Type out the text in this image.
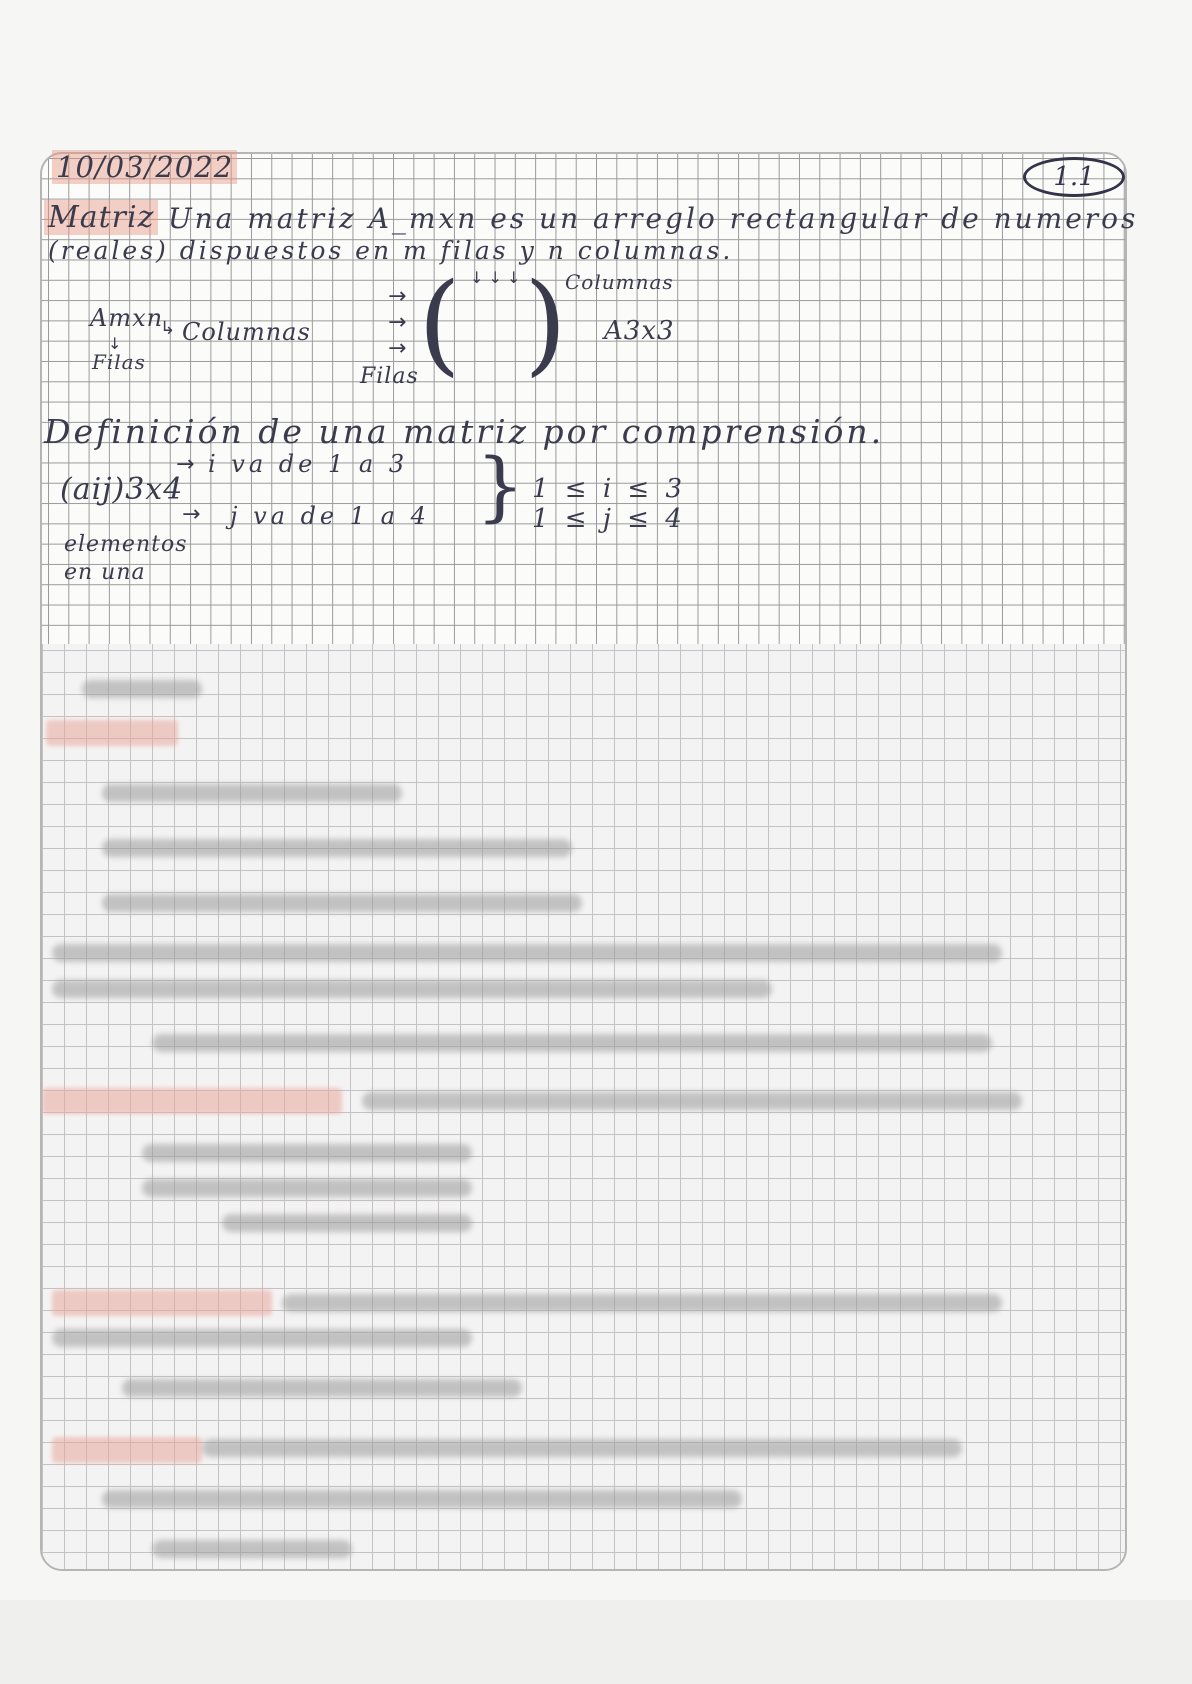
10/03/2022	1.1
Matriz Una matriz A_mxn es un arreglo rectangular de numeros
(reales) dispuestos en m filas y n columnas.
Columnas
↓ ↓ ↓
Amxn
↳ Columnas
↓
Filas
→
→
→ ( )
Filas
A3x3
Definición de una matriz por comprensión.
(aij)3x4
→ i va de 1 a 3
→ j va de 1 a 4 } 1 ≤ i ≤ 3
1 ≤ j ≤ 4
elementos
en una
